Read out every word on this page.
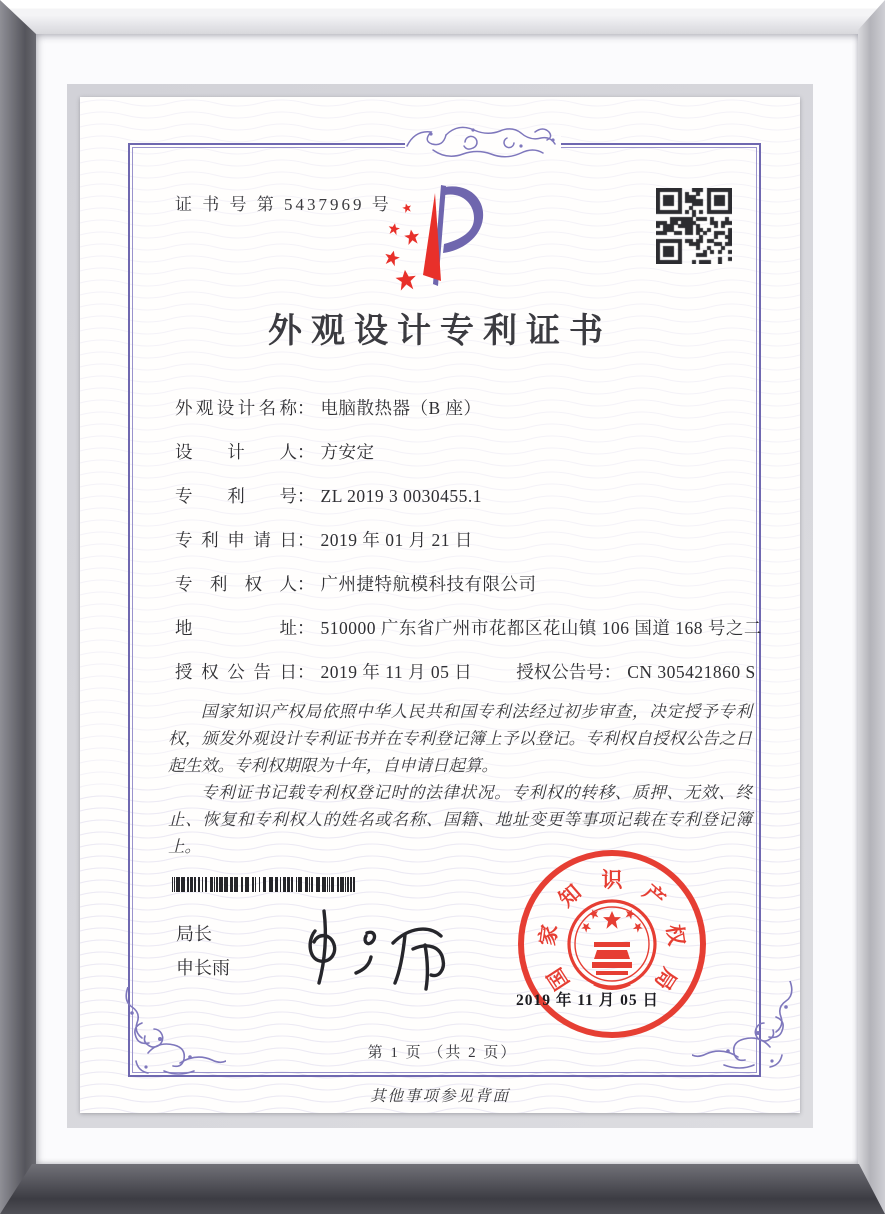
证 书 号 第 5437969 号
外观设计专利证书
外观设计名称： 电脑散热器（B 座）
设计人： 方安定
专利号： ZL 2019 3 0030455.1
专利申请日： 2019 年 01 月 21 日
专利权人： 广州捷特航模科技有限公司
地址： 510000 广东省广州市花都区花山镇 106 国道 168 号之二
授权公告日： 2019 年 11 月 05 日	授权公告号： CN 305421860 S

国家知识产权局依照中华人民共和国专利法经过初步审查，决定授予专利权，颁发外观设计专利证书并在专利登记簿上予以登记。专利权自授权公告之日起生效。专利权期限为十年，自申请日起算。

专利证书记载专利权登记时的法律状况。专利权的转移、质押、无效、终止、恢复和专利权人的姓名或名称、国籍、地址变更等事项记载在专利登记簿上。

局长
申长雨	国
家
知 识 产
权
局
2019 年 11 月 05 日
第 1 页 （共 2 页）
其他事项参见背面
